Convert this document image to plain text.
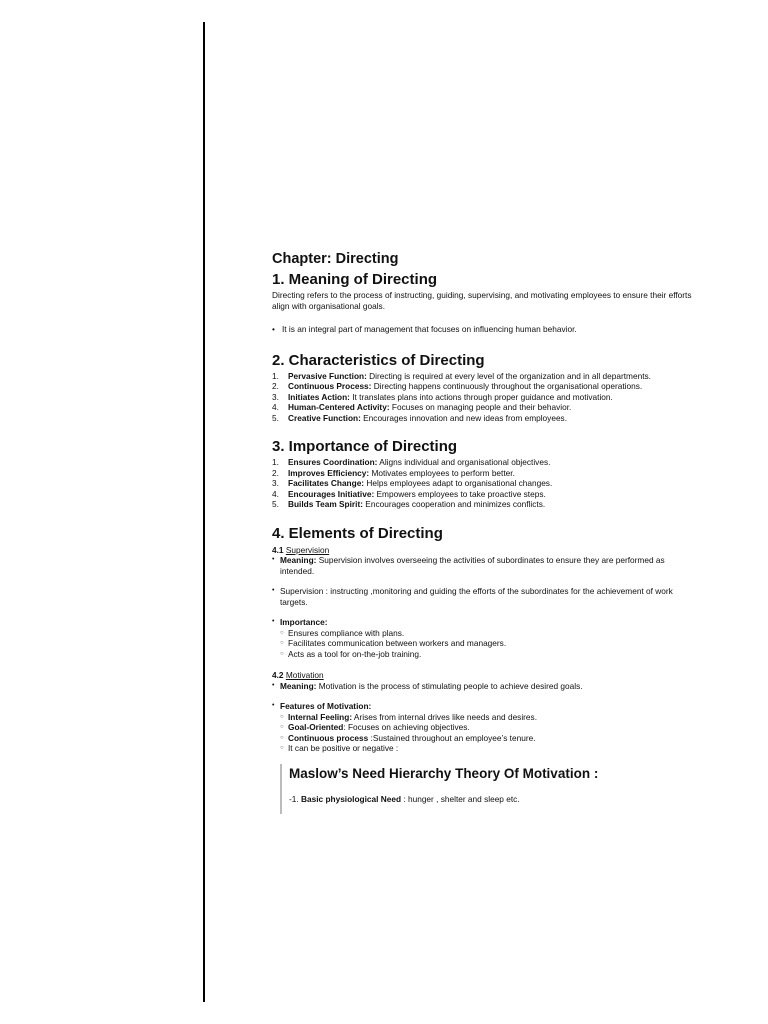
Chapter: Directing
1. Meaning of Directing

Directing refers to the process of instructing, guiding, supervising, and motivating employees to ensure their efforts align with organisational goals.

• It is an integral part of management that focuses on influencing human behavior.
2. Characteristics of Directing
1. Pervasive Function: Directing is required at every level of the organization and in all departments.
2. Continuous Process: Directing happens continuously throughout the organisational operations.
3. Initiates Action: It translates plans into actions through proper guidance and motivation.
4. Human-Centered Activity: Focuses on managing people and their behavior.
5. Creative Function: Encourages innovation and new ideas from employees.
3. Importance of Directing
1. Ensures Coordination: Aligns individual and organisational objectives.
2. Improves Efficiency: Motivates employees to perform better.
3. Facilitates Change: Helps employees adapt to organisational changes.
4. Encourages Initiative: Empowers employees to take proactive steps.
5. Builds Team Spirit: Encourages cooperation and minimizes conflicts.
4. Elements of Directing
4.1 Supervision
• Meaning: Supervision involves overseeing the activities of subordinates to ensure they are performed as intended.
• Supervision : instructing ,monitoring and guiding the efforts of the subordinates for the achievement of work targets.
• Importance:
○ Ensures compliance with plans.
○ Facilitates communication between workers and managers.
○ Acts as a tool for on-the-job training.
4.2 Motivation
• Meaning: Motivation is the process of stimulating people to achieve desired goals.
• Features of Motivation:
○ Internal Feeling: Arises from internal drives like needs and desires.
○ Goal-Oriented: Focuses on achieving objectives.
○ Continuous process :Sustained throughout an employee’s tenure.
○ It can be positive or negative :
Maslow’s Need Hierarchy Theory Of Motivation :

-1. Basic physiological Need : hunger , shelter and sleep etc.
